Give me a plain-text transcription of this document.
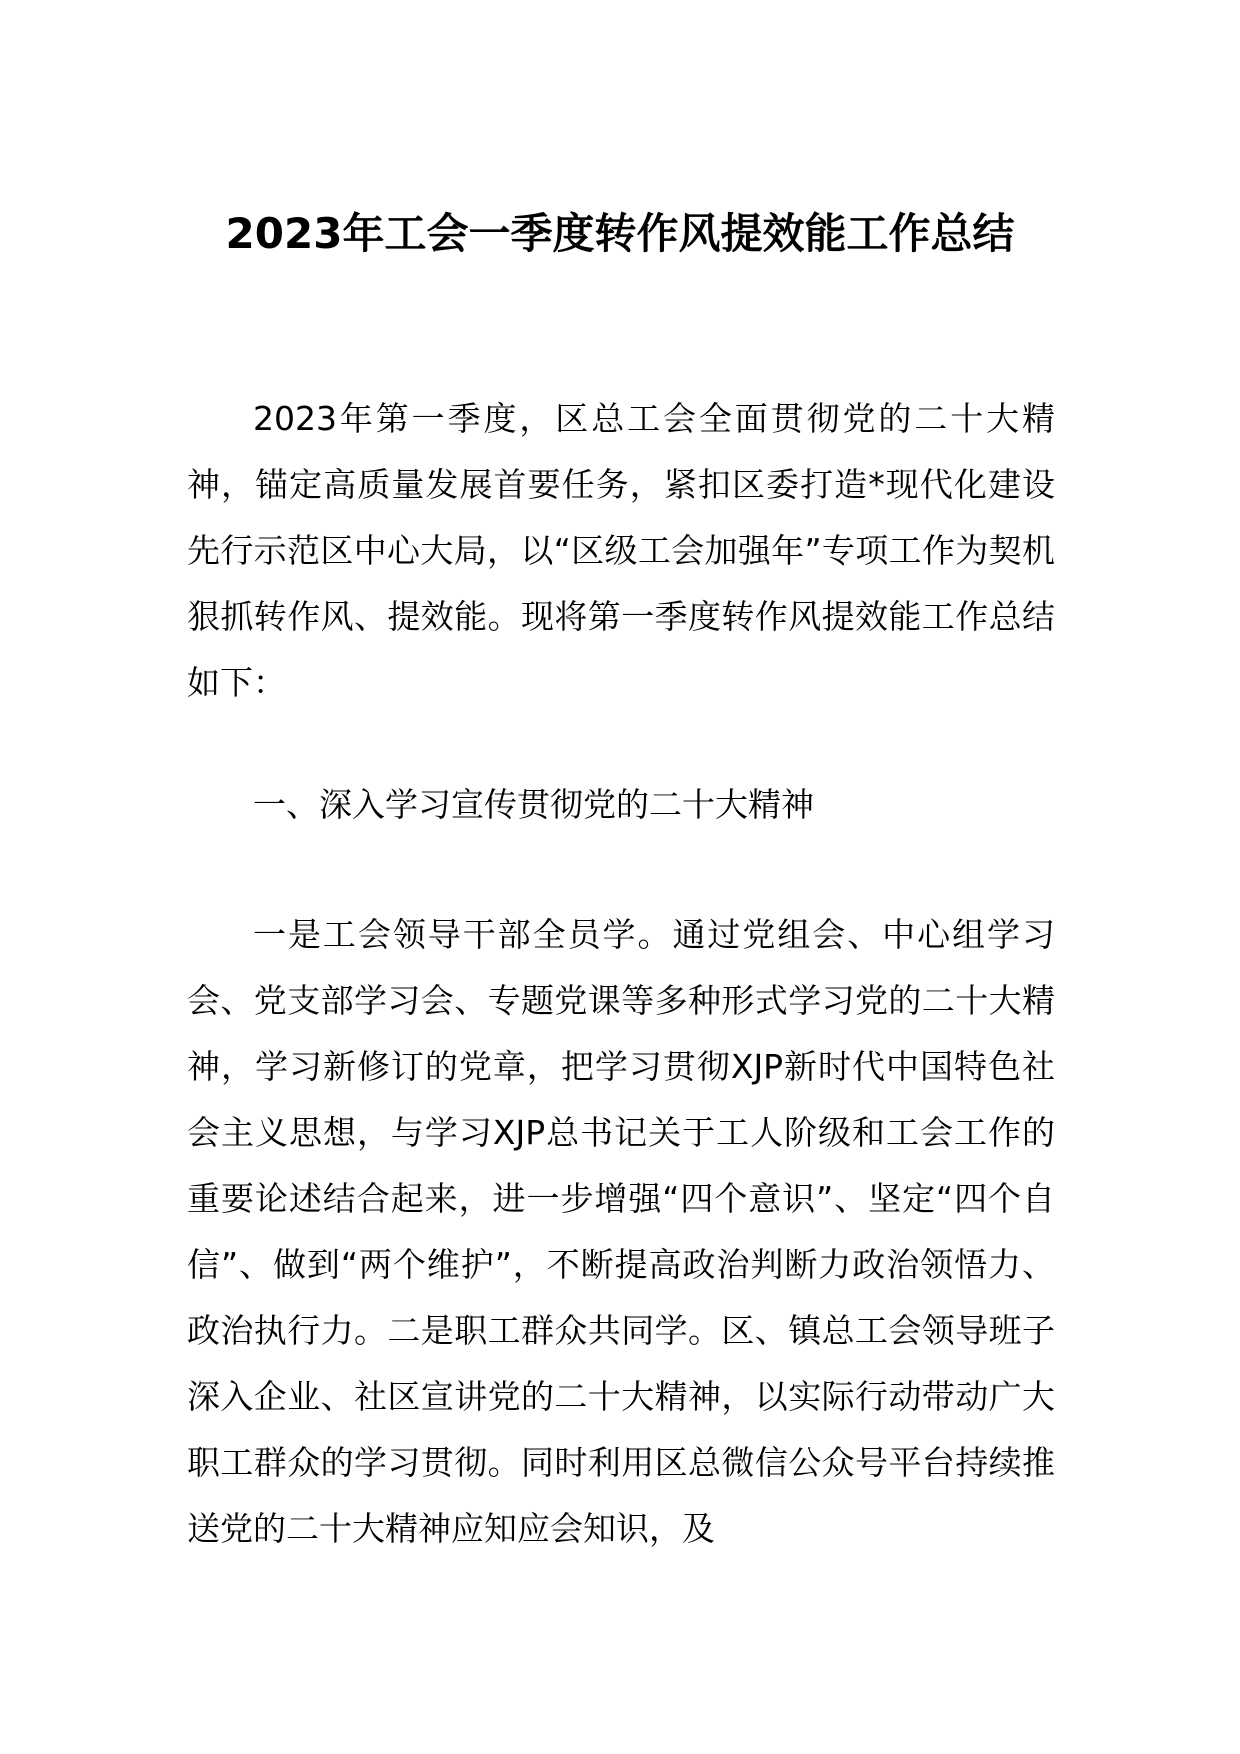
2023年工会一季度转作风提效能工作总结

2023年第一季度，区总工会全面贯彻党的二十大精神，锚定高质量发展首要任务，紧扣区委打造*现代化建设先行示范区中心大局，以“区级工会加强年”专项工作为契机狠抓转作风、提效能。现将第一季度转作风提效能工作总结如下：

一、深入学习宣传贯彻党的二十大精神

一是工会领导干部全员学。通过党组会、中心组学习会、党支部学习会、专题党课等多种形式学习党的二十大精神，学习新修订的党章，把学习贯彻XJP新时代中国特色社会主义思想，与学习XJP总书记关于工人阶级和工会工作的重要论述结合起来，进一步增强“四个意识”、坚定“四个自信”、做到“两个维护”，不断提高政治判断力政治领悟力、政治执行力。二是职工群众共同学。区、镇总工会领导班子深入企业、社区宣讲党的二十大精神，以实际行动带动广大职工群众的学习贯彻。同时利用区总微信公众号平台持续推送党的二十大精神应知应会知识，及
